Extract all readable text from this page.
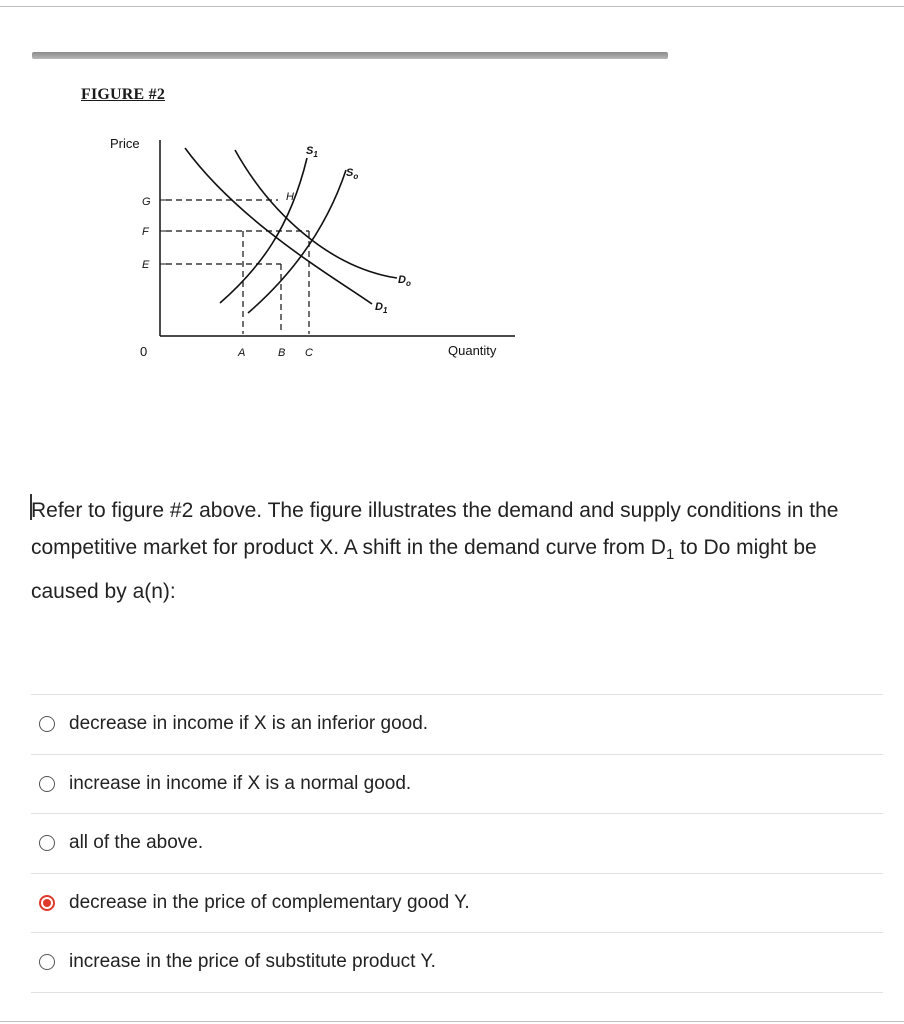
FIGURE #2
Price
Quantity
0
G
F
E
A	B C
$S_1$
$S_o$
$D_o$
$D_1$
H
Refer to figure #2 above. The figure illustrates the demand and supply conditions in the competitive market for product X. A shift in the demand curve from $D_1$ to Do might be caused by a(n):
decrease in income if X is an inferior good.
increase in income if X is a normal good.
all of the above.
decrease in the price of complementary good Y.
increase in the price of substitute product Y.
